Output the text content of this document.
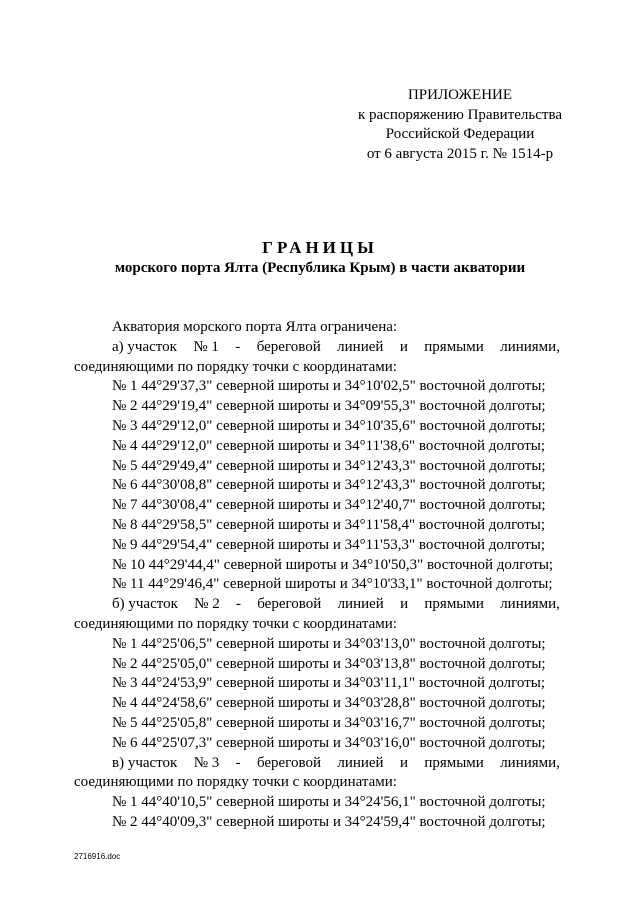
ПРИЛОЖЕНИЕ
к распоряжению Правительства
Российской Федерации
от 6 августа 2015 г. № 1514-р
ГРАНИЦЫ
морского порта Ялта (Республика Крым) в части акватории
Акватория морского порта Ялта ограничена:
а) участок № 1 - береговой линией и прямыми линиями,
соединяющими по порядку точки с координатами:
№ 1 44°29'37,3" северной широты и 34°10'02,5" восточной долготы;
№ 2 44°29'19,4" северной широты и 34°09'55,3" восточной долготы;
№ 3 44°29'12,0" северной широты и 34°10'35,6" восточной долготы;
№ 4 44°29'12,0" северной широты и 34°11'38,6" восточной долготы;
№ 5 44°29'49,4" северной широты и 34°12'43,3" восточной долготы;
№ 6 44°30'08,8" северной широты и 34°12'43,3" восточной долготы;
№ 7 44°30'08,4" северной широты и 34°12'40,7" восточной долготы;
№ 8 44°29'58,5" северной широты и 34°11'58,4" восточной долготы;
№ 9 44°29'54,4" северной широты и 34°11'53,3" восточной долготы;
№ 10 44°29'44,4" северной широты и 34°10'50,3" восточной долготы;
№ 11 44°29'46,4" северной широты и 34°10'33,1" восточной долготы;
б) участок № 2 - береговой линией и прямыми линиями,
соединяющими по порядку точки с координатами:
№ 1 44°25'06,5" северной широты и 34°03'13,0" восточной долготы;
№ 2 44°25'05,0" северной широты и 34°03'13,8" восточной долготы;
№ 3 44°24'53,9" северной широты и 34°03'11,1" восточной долготы;
№ 4 44°24'58,6" северной широты и 34°03'28,8" восточной долготы;
№ 5 44°25'05,8" северной широты и 34°03'16,7" восточной долготы;
№ 6 44°25'07,3" северной широты и 34°03'16,0" восточной долготы;
в) участок № 3 - береговой линией и прямыми линиями,
соединяющими по порядку точки с координатами:
№ 1 44°40'10,5" северной широты и 34°24'56,1" восточной долготы;
№ 2 44°40'09,3" северной широты и 34°24'59,4" восточной долготы;
2716916.doc
